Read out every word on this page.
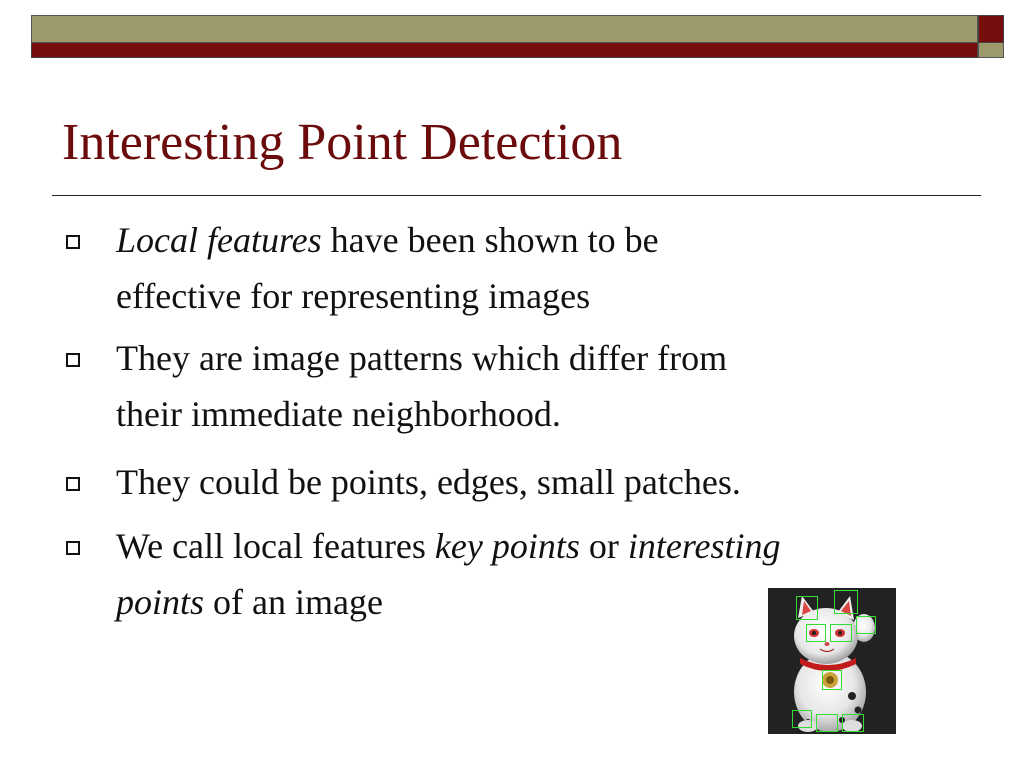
Interesting Point Detection
Local features have been shown to be
effective for representing images
They are image patterns which differ from
their immediate neighborhood.
They could be points, edges, small patches.
We call local features key points or interesting
points of an image
